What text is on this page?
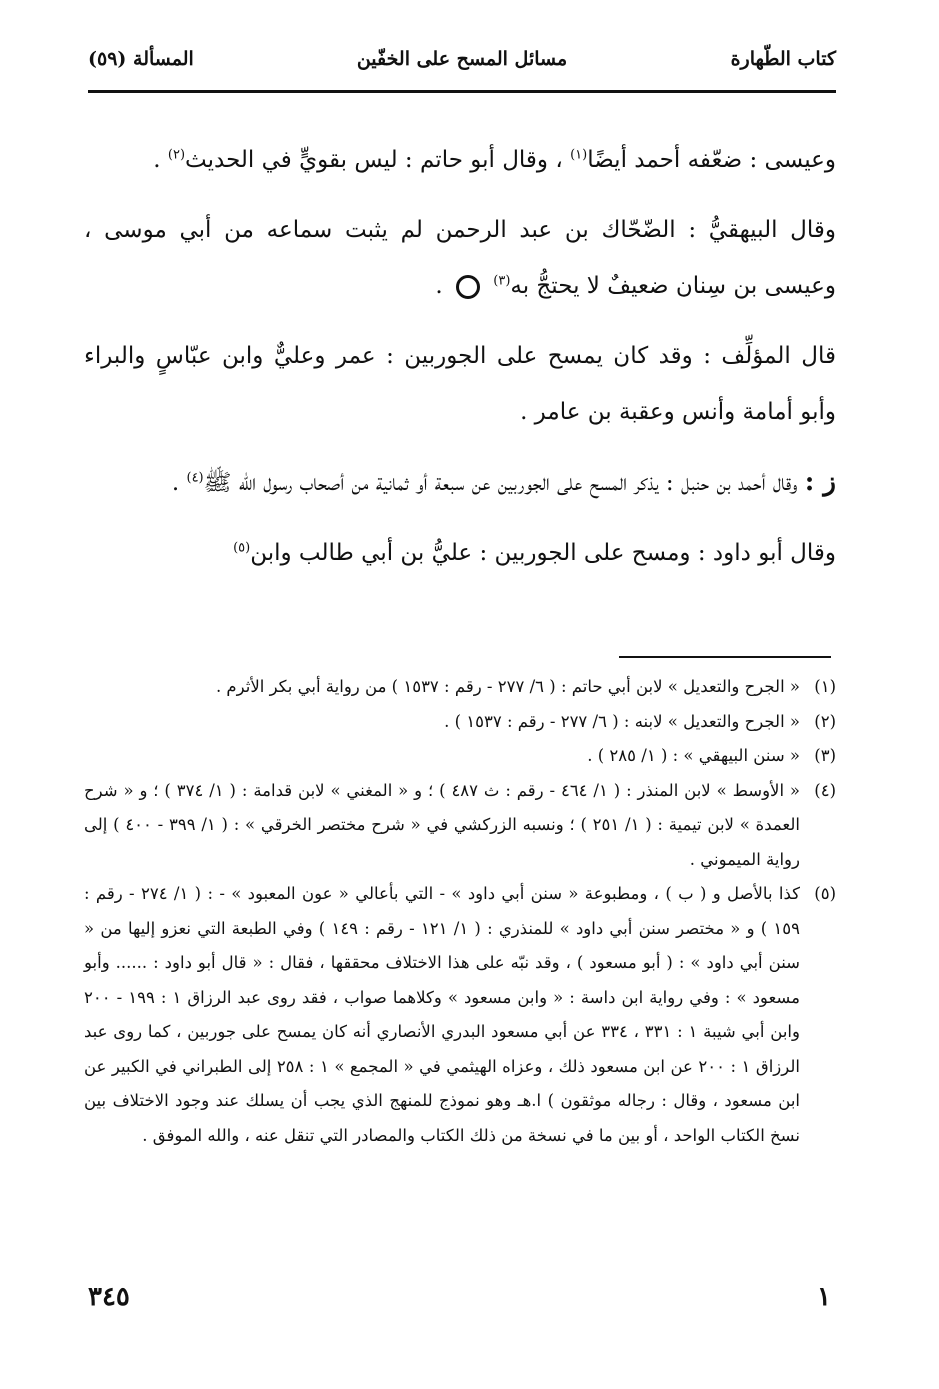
كتاب الطّهارة
مسائل المسح على الخفّين
المسألة (٥٩)

وعيسى : ضعّفه أحمد أيضًا$^{(١)}$ ، وقال أبو حاتم : ليس بقويٍّ في الحديث$^{(٢)}$ .

وقال البيهقيُّ : الضّحّاك بن عبد الرحمن لم يثبت سماعه من أبي موسى ، وعيسى بن سِنان ضعيفٌ لا يحتجُّ به$^{(٣)}$  .

قال المؤلِّف : وقد كان يمسح على الجوربين : عمر وعليٌّ وابن عبّاسٍ والبراء وأبو أمامة وأنس وعقبة بن عامر .

ز : وقال أحمد بن حنبل : يذكر المسح على الجوربين عن سبعة أو ثمانية من أصحاب رسول الله ﷺ$^{(٤)}$ .

وقال أبو داود : ومسح على الجوربين : عليُّ بن أبي طالب وابن$^{(٥)}$

(١)
« الجرح والتعديل » لابن أبي حاتم : ( ٦/ ٢٧٧ - رقم : ١٥٣٧ ) من رواية أبي بكر الأثرم .
(٢)
« الجرح والتعديل » لابنه : ( ٦/ ٢٧٧ - رقم : ١٥٣٧ ) .
(٣)
« سنن البيهقي » : ( ١/ ٢٨٥ ) .
(٤)
« الأوسط » لابن المنذر : ( ١/ ٤٦٤ - رقم : ث ٤٨٧ ) ؛ و « المغني » لابن قدامة : ( ١/ ٣٧٤ ) ؛ و « شرح العمدة » لابن تيمية : ( ١/ ٢٥١ ) ؛ ونسبه الزركشي في « شرح مختصر الخرقي » : ( ١/ ٣٩٩ - ٤٠٠ ) إلى رواية الميموني .
(٥)
كذا بالأصل و ( ب ) ، ومطبوعة « سنن أبي داود » - التي بأعالي « عون المعبود » - : ( ١/ ٢٧٤ - رقم : ١٥٩ ) و « مختصر سنن أبي داود » للمنذري : ( ١/ ١٢١ - رقم : ١٤٩ ) وفي الطبعة التي نعزو إليها من « سنن أبي داود » : ( أبو مسعود ) ، وقد نبّه على هذا الاختلاف محققها ، فقال : « قال أبو داود : ...... وأبو مسعود » : وفي رواية ابن داسة : « وابن مسعود » وكلاهما صواب ، فقد روى عبد الرزاق ١ : ١٩٩ - ٢٠٠ وابن أبي شيبة ١ : ٣٣١ ، ٣٣٤ عن أبي مسعود البدري الأنصاري أنه كان يمسح على جوربين ، كما روى عبد الرزاق ١ : ٢٠٠ عن ابن مسعود ذلك ، وعزاه الهيثمي في « المجمع » ١ : ٢٥٨ إلى الطبراني في الكبير عن ابن مسعود ، وقال : رجاله موثقون ) ا.هـ وهو نموذج للمنهج الذي يجب أن يسلك عند وجود الاختلاف بين نسخ الكتاب الواحد ، أو بين ما في نسخة من ذلك الكتاب والمصادر التي تنقل عنه ، والله الموفق .
٣٤٥	١
